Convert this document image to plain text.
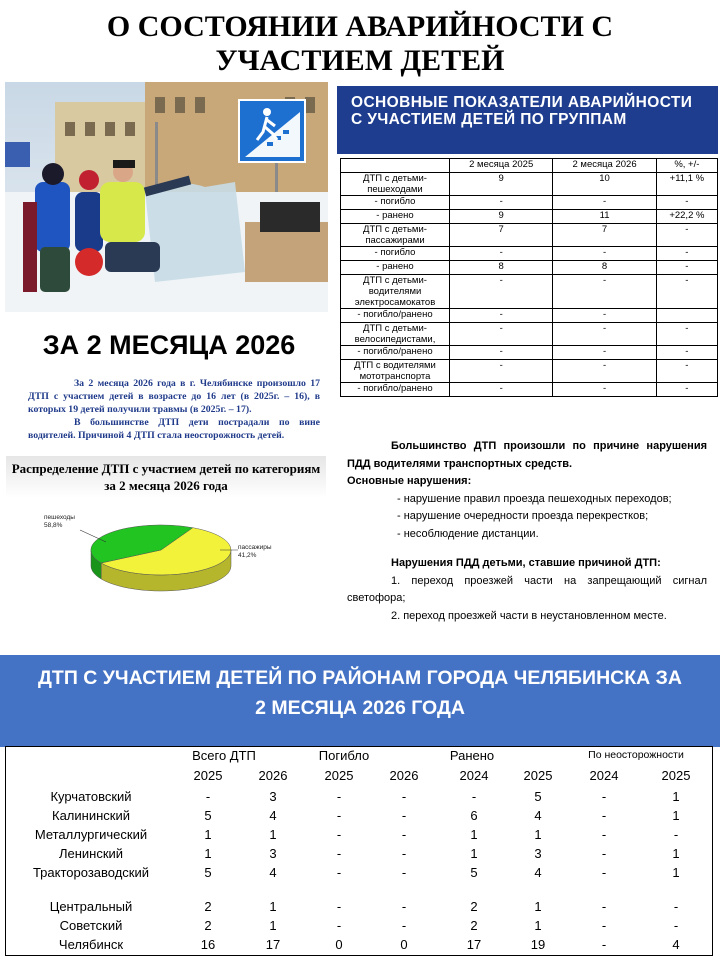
О СОСТОЯНИИ АВАРИЙНОСТИ С
УЧАСТИЕМ ДЕТЕЙ
ЗА 2 МЕСЯЦА 2026

За 2 месяца 2026 года в г. Челябинске произошло 17 ДТП с участием детей в возрасте до 16 лет (в 2025г. – 16), в которых 19 детей получили травмы (в 2025г. – 17).

В большинстве ДТП дети пострадали по вине водителей. Причиной 4 ДТП стала неосторожность детей.

Распределение ДТП с участием детей по категориям
за 2 месяца 2026 года
пешеходы
58,8%
пассажиры
41,2%
ОСНОВНЫЕ ПОКАЗАТЕЛИ АВАРИЙНОСТИ С УЧАСТИЕМ ДЕТЕЙ ПО ГРУППАМ
	2 месяца 2025	2 месяца 2026	%, +/-
ДТП с детьми-пешеходами	9	10	+11,1 %
- погибло	-	-	-
- ранено	9	11	+22,2 %
ДТП с детьми-пассажирами	7	7	-
- погибло	-	-	-
- ранено	8	8	-
ДТП с детьми-водителями электросамокатов	-	-	-
- погибло/ранено	-	-	
ДТП с детьми-велосипедистами,	-	-	-
- погибло/ранено	-	-	-
ДТП с водителями мототранспорта	-	-	-
- погибло/ранено	-	-	-
Большинство ДТП произошли по причине нарушения ПДД водителями транспортных средств.
Основные нарушения:
- нарушение правил проезда пешеходных переходов;
- нарушение очередности проезда перекрестков;
- несоблюдение дистанции.
Нарушения ПДД детьми, ставшие причиной ДТП:
1. переход проезжей части на запрещающий сигнал светофора;
2. переход проезжей части в неустановленном месте.
ДТП С УЧАСТИЕМ ДЕТЕЙ ПО РАЙОНАМ ГОРОДА ЧЕЛЯБИНСКА ЗА
2 МЕСЯЦА 2026 ГОДА
Всего ДТП	Погибло	Ранено	По неосторожности
2025	2026	2025	2026	2024	2025	2024	2025
Курчатовский	-	3	-	-	-	5	-	1
Калининский	5	4	-	-	6	4	-	1
Металлургический	1	1	-	-	1	1	-	-
Ленинский	1	3	-	-	1	3	-	1
Тракторозаводский	5	4	-	-	5	4	-	1
Центральный	2	1	-	-	2	1	-	-
Советский	2	1	-	-	2	1	-	-
Челябинск	16	17	0	0	17	19	-	4
